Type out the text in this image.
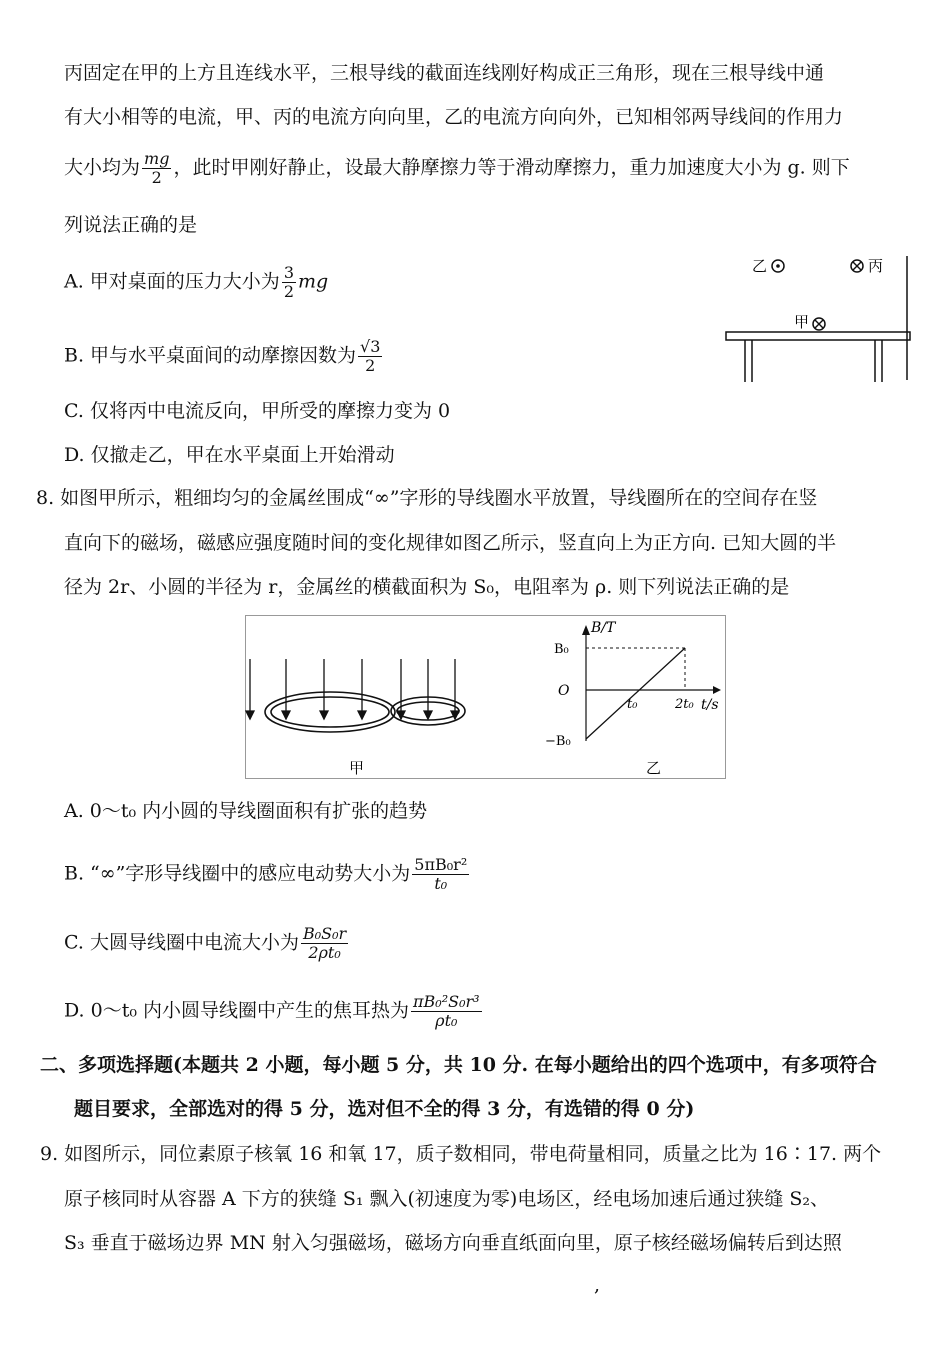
丙固定在甲的上方且连线水平，三根导线的截面连线刚好构成正三角形，现在三根导线中通
有大小相等的电流，甲、丙的电流方向向里，乙的电流方向向外，已知相邻两导线间的作用力
大小均为 $\frac{mg}{2}$ ，此时甲刚好静止，设最大静摩擦力等于滑动摩擦力，重力加速度大小为 g. 则下
列说法正确的是
A. 甲对桌面的压力大小为 $\frac{3}{2}$ mg
B. 甲与水平桌面间的动摩擦因数为 $\frac{√3}{2}$
C. 仅将丙中电流反向，甲所受的摩擦力变为 0
D. 仅撤走乙，甲在水平桌面上开始滑动
乙	丙
甲
8. 如图甲所示，粗细均匀的金属丝围成“∞”字形的导线圈水平放置，导线圈所在的空间存在竖
直向下的磁场，磁感应强度随时间的变化规律如图乙所示，竖直向上为正方向. 已知大圆的半
径为 2r、小圆的半径为 r，金属丝的横截面积为 S₀，电阻率为 ρ. 则下列说法正确的是
甲
B/T
t/s
B₀
−B₀
O
t₀	2t₀
乙
A. 0～t₀ 内小圆的导线圈面积有扩张的趋势
B. “∞”字形导线圈中的感应电动势大小为 $\frac{\text{5πB₀r²}}{\text{t₀}}$
C. 大圆导线圈中电流大小为 $\frac{\text{B₀S₀r}}{\text{2ρt₀}}$
D. 0～t₀ 内小圆导线圈中产生的焦耳热为 $\frac{\text{πB₀²S₀r³}}{\text{ρt₀}}$
二、多项选择题(本题共 2 小题，每小题 5 分，共 10 分. 在每小题给出的四个选项中，有多项符合
题目要求，全部选对的得 5 分，选对但不全的得 3 分，有选错的得 0 分)
9. 如图所示，同位素原子核氧 16 和氧 17，质子数相同，带电荷量相同，质量之比为 16∶17. 两个
原子核同时从容器 A 下方的狭缝 S₁ 飘入(初速度为零)电场区，经电场加速后通过狭缝 S₂、
S₃ 垂直于磁场边界 MN 射入匀强磁场，磁场方向垂直纸面向里，原子核经磁场偏转后到达照
,
